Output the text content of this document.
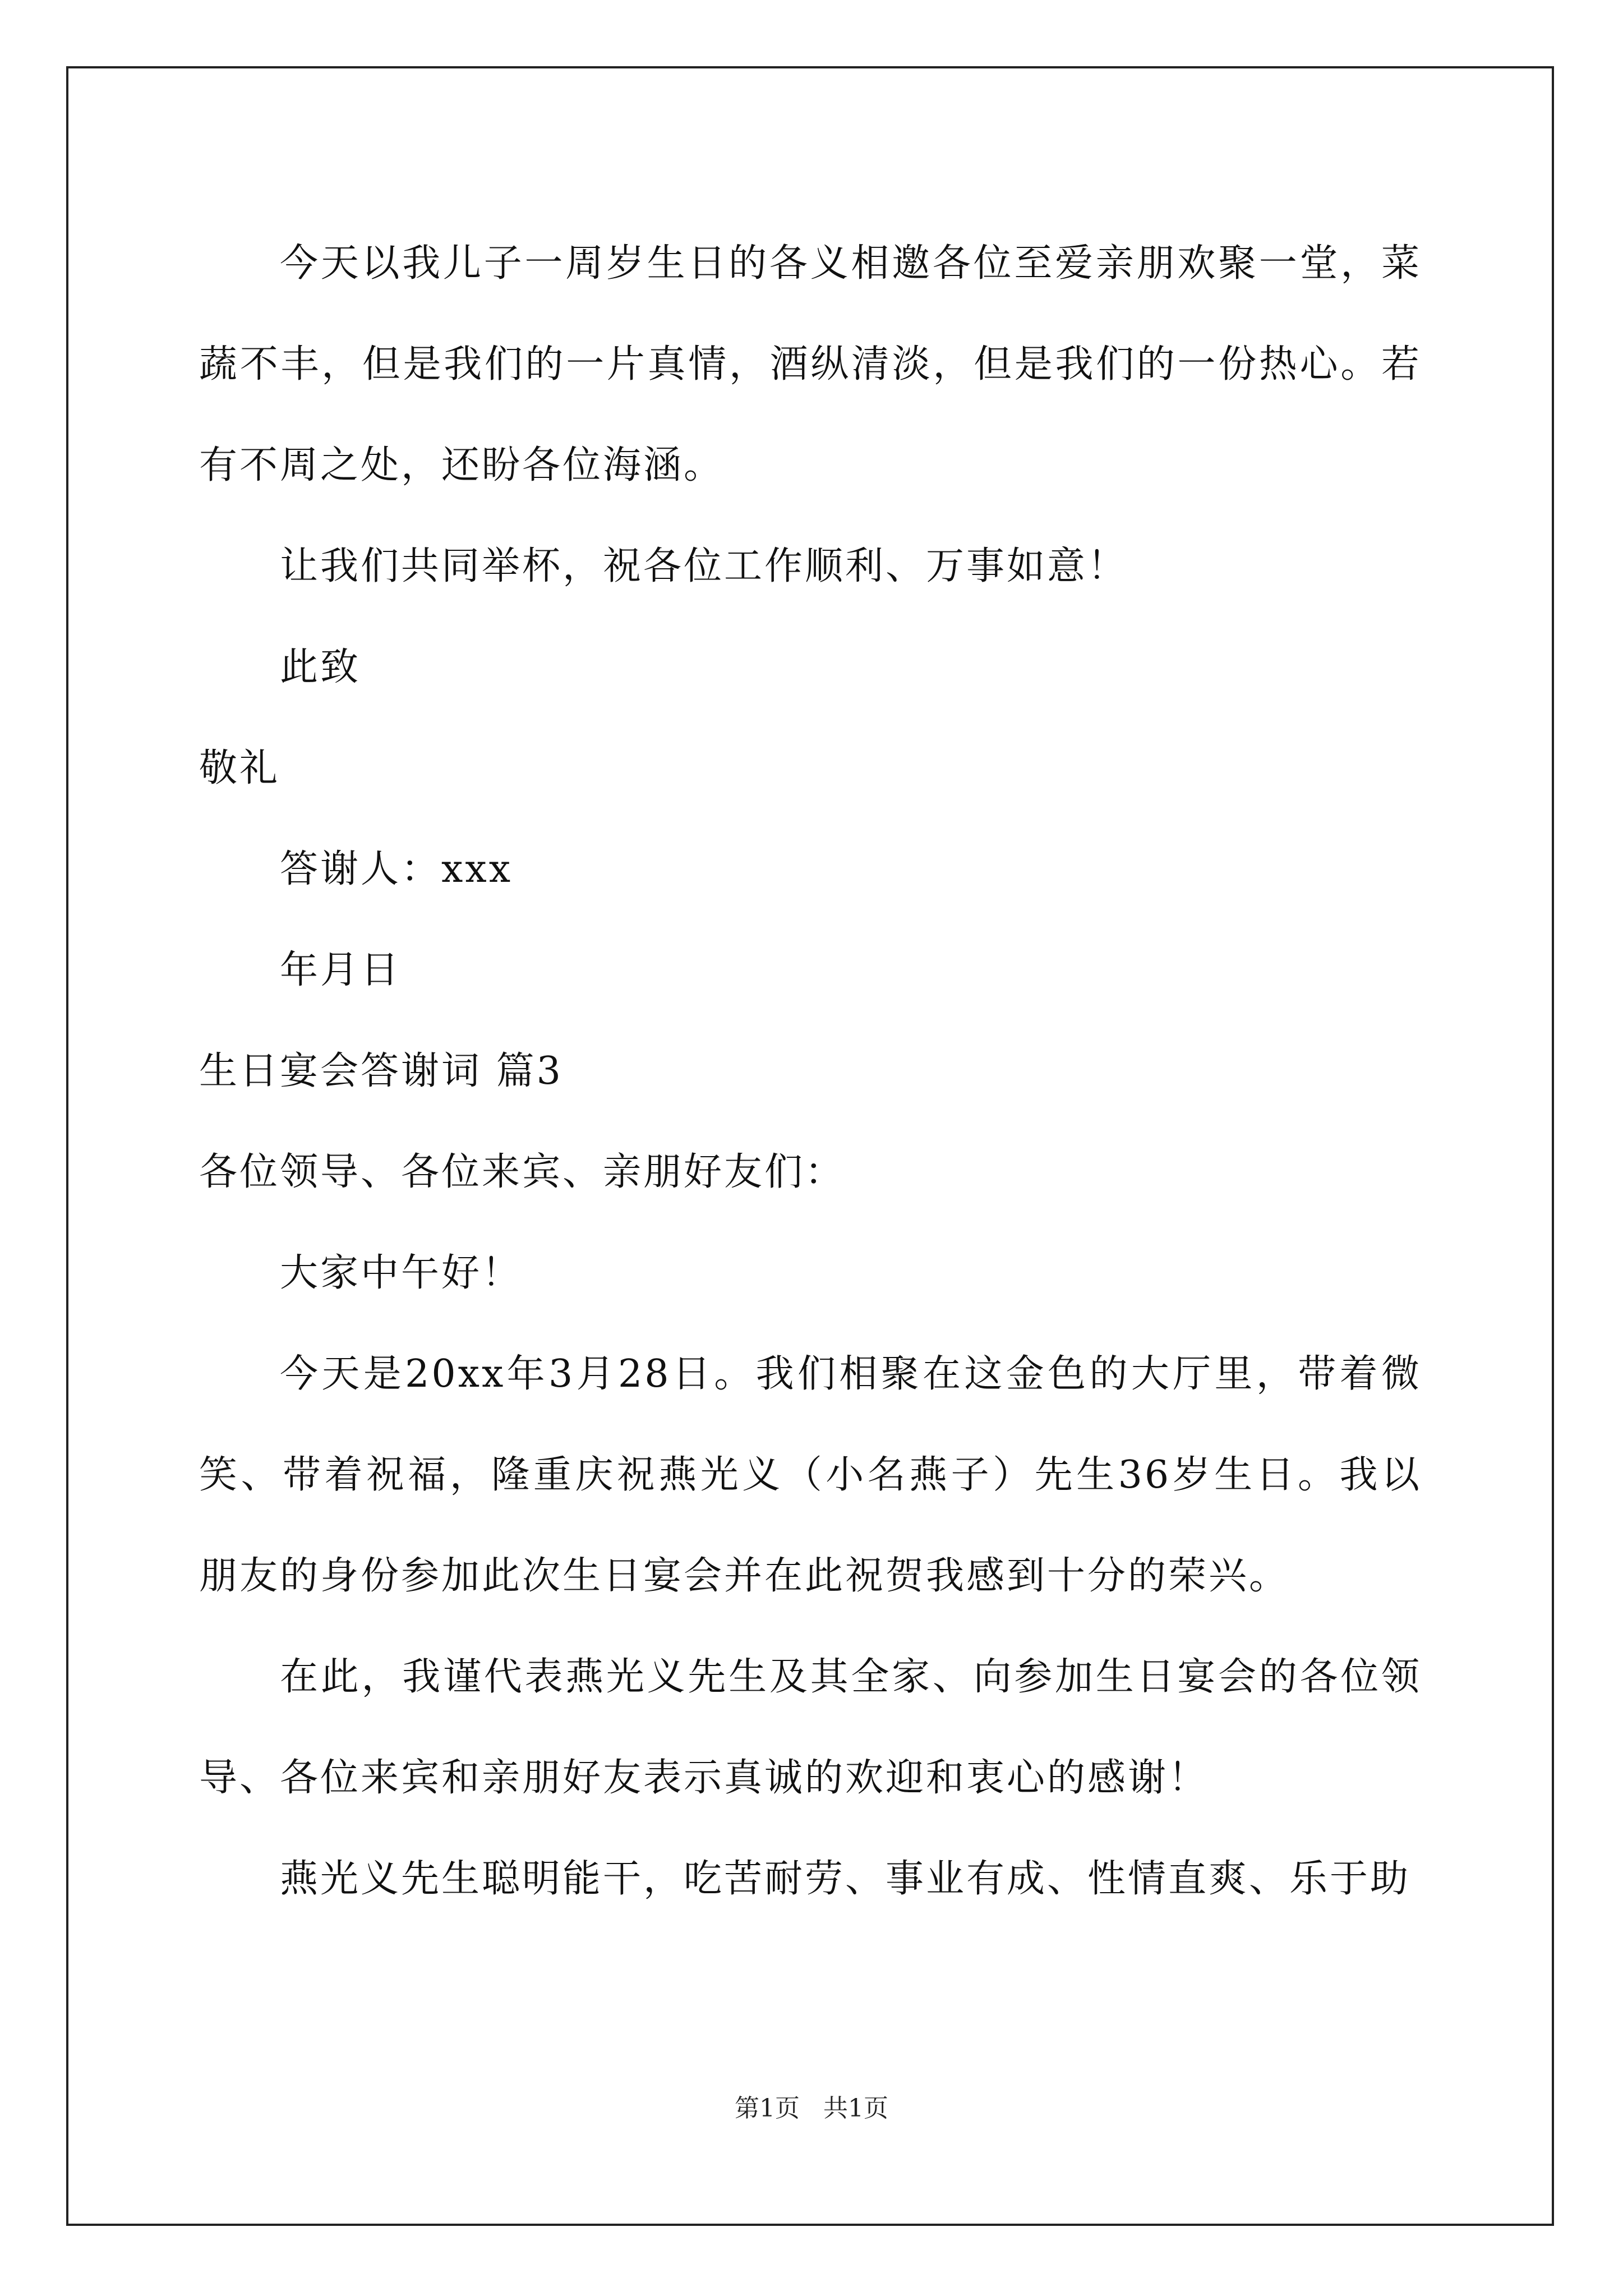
今天以我儿子一周岁生日的各义相邀各位至爱亲朋欢聚一堂，菜蔬不丰，但是我们的一片真情，酒纵清淡，但是我们的一份热心。若有不周之处，还盼各位海涵。

让我们共同举杯，祝各位工作顺利、万事如意！

此致

敬礼

答谢人：xxx

年月日

生日宴会答谢词 篇3

各位领导、各位来宾、亲朋好友们：

大家中午好！

今天是20xx年3月28日。我们相聚在这金色的大厅里，带着微笑、带着祝福，隆重庆祝燕光义（小名燕子）先生36岁生日。我以朋友的身份参加此次生日宴会并在此祝贺我感到十分的荣兴。

在此，我谨代表燕光义先生及其全家、向参加生日宴会的各位领导、各位来宾和亲朋好友表示真诚的欢迎和衷心的感谢！

燕光义先生聪明能干，吃苦耐劳、事业有成、性情直爽、乐于助

第1页 共1页
